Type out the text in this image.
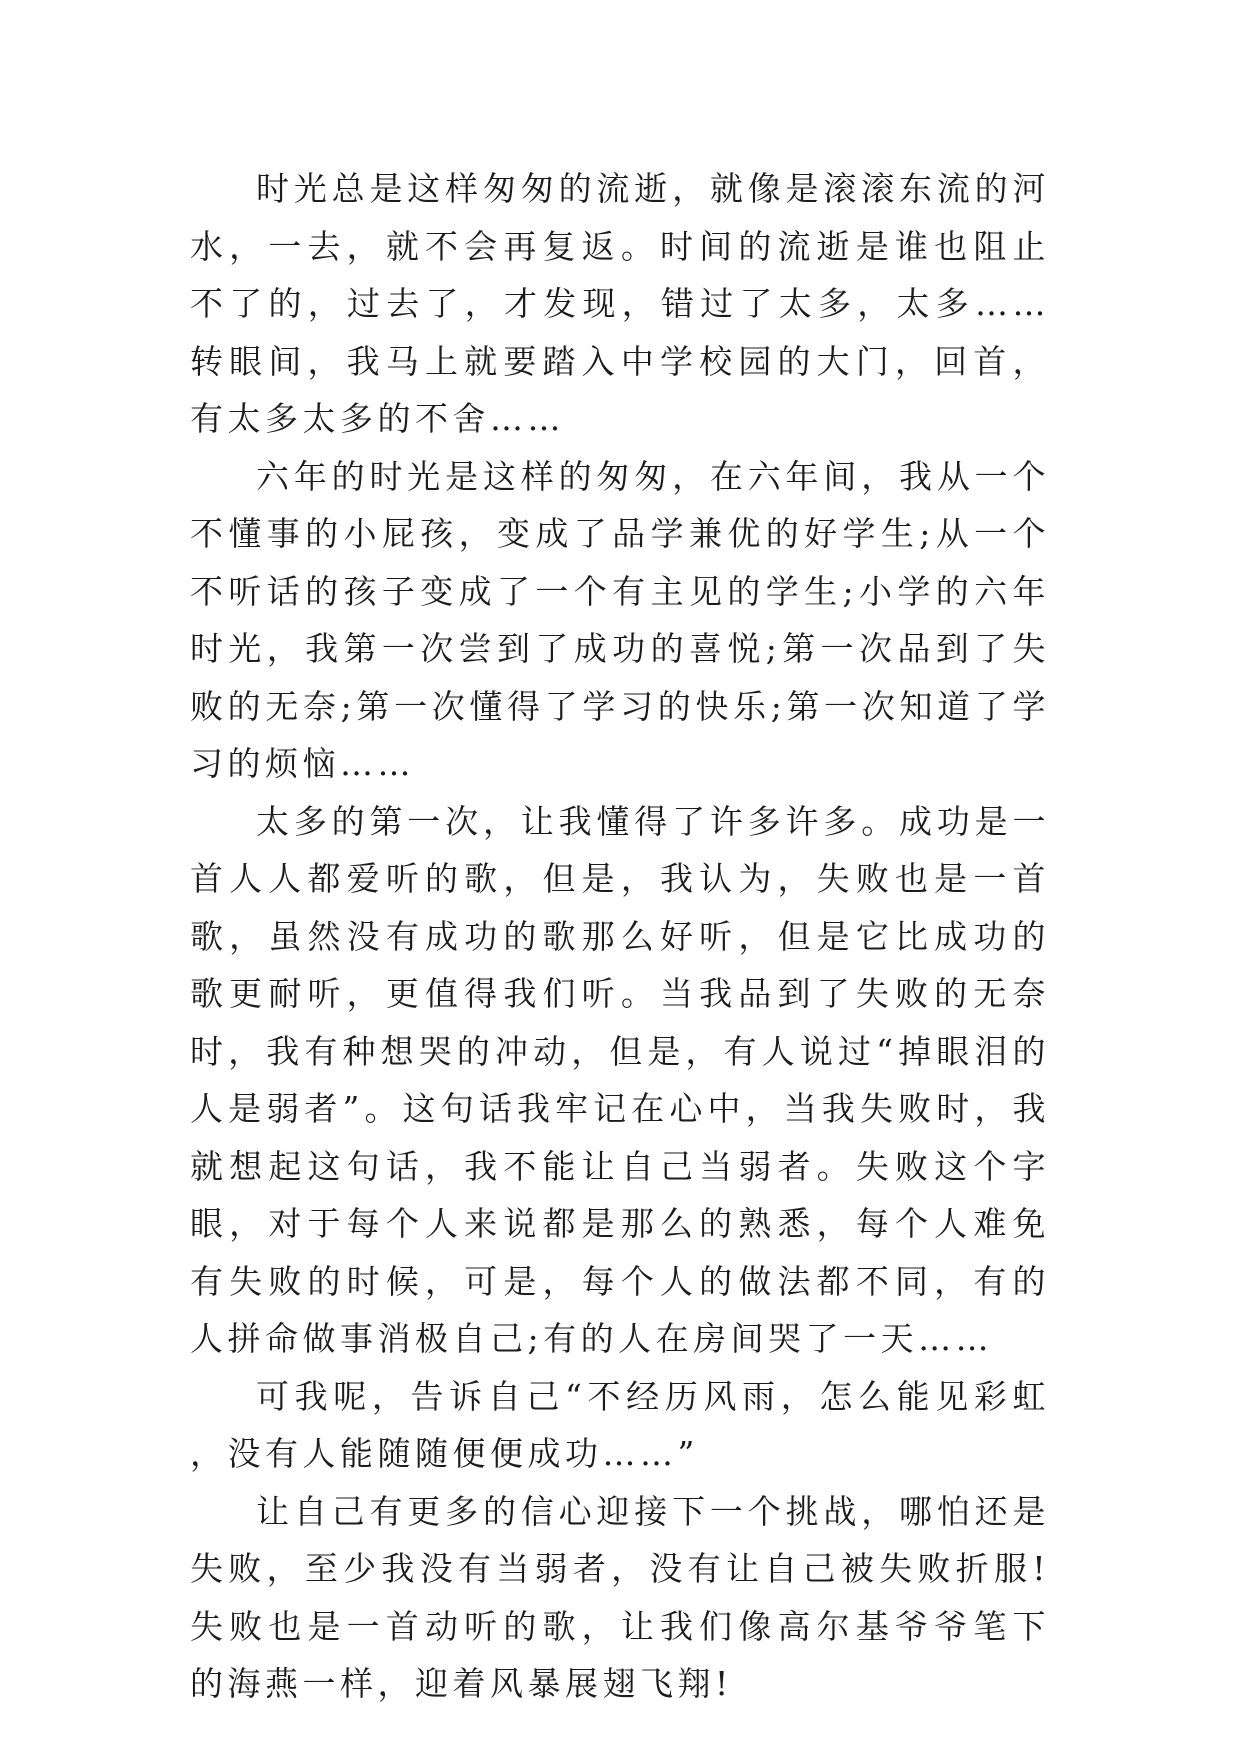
时光总是这样匆匆的流逝，就像是滚滚东流的河水，一去，就不会再复返。时间的流逝是谁也阻止不了的，过去了，才发现，错过了太多，太多……转眼间，我马上就要踏入中学校园的大门，回首，有太多太多的不舍……

六年的时光是这样的匆匆，在六年间，我从一个不懂事的小屁孩，变成了品学兼优的好学生;从一个不听话的孩子变成了一个有主见的学生;小学的六年时光，我第一次尝到了成功的喜悦;第一次品到了失败的无奈;第一次懂得了学习的快乐;第一次知道了学习的烦恼……

太多的第一次，让我懂得了许多许多。成功是一首人人都爱听的歌，但是，我认为，失败也是一首歌，虽然没有成功的歌那么好听，但是它比成功的歌更耐听，更值得我们听。当我品到了失败的无奈时，我有种想哭的冲动，但是，有人说过“掉眼泪的人是弱者”。这句话我牢记在心中，当我失败时，我就想起这句话，我不能让自己当弱者。失败这个字眼，对于每个人来说都是那么的熟悉，每个人难免有失败的时候，可是，每个人的做法都不同，有的人拼命做事消极自己;有的人在房间哭了一天……

可我呢，告诉自己“不经历风雨，怎么能见彩虹，没有人能随随便便成功……”

让自己有更多的信心迎接下一个挑战，哪怕还是失败，至少我没有当弱者，没有让自己被失败折服!失败也是一首动听的歌，让我们像高尔基爷爷笔下的海燕一样，迎着风暴展翅飞翔!
